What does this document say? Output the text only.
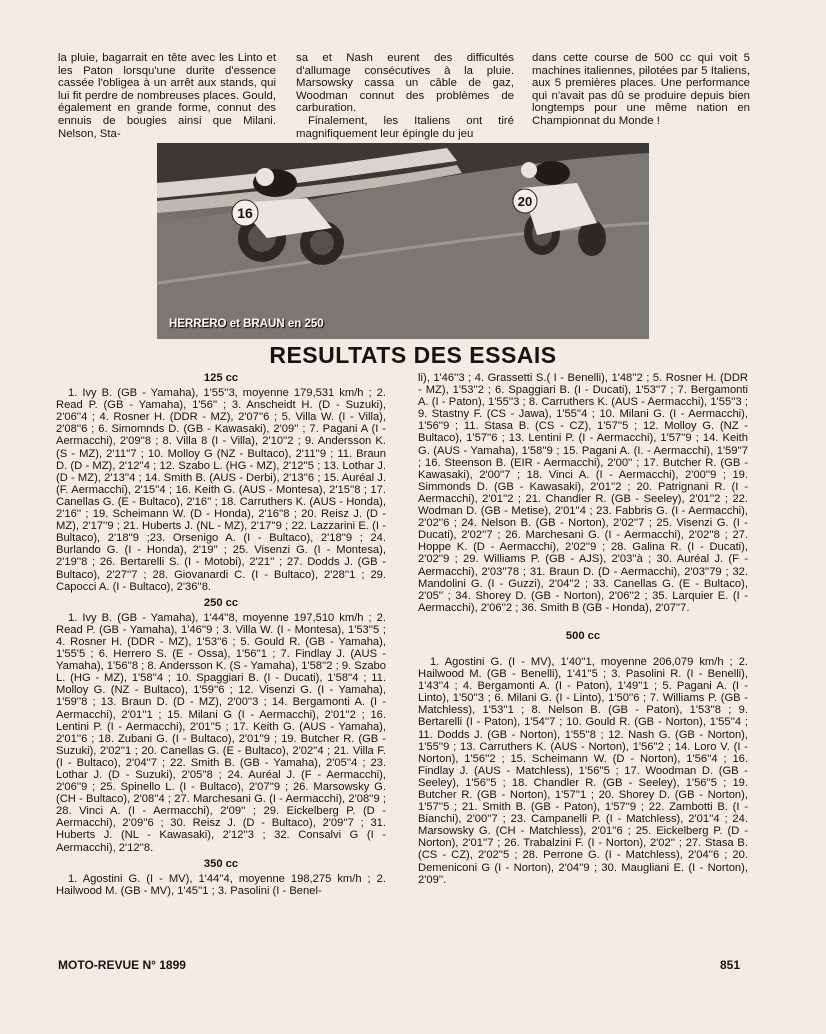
la pluie, bagarrait en tête avec les Linto et les Paton lorsqu'une durite d'essence cassée l'obligea à un arrêt aux stands, qui lui fit perdre de nombreuses places. Gould, également en grande forme, connut des ennuis de bougies ainsi que Milani. Nelson, Sta-

sa et Nash eurent des difficultés d'allumage consécutives à la pluie. Marsowsky cassa un câble de gaz, Woodman connut des problèmes de carburation.

Finalement, les Italiens ont tiré magnifiquement leur épingle du jeu

dans cette course de 500 cc qui voit 5 machines italiennes, pilotées par 5 Italiens, aux 5 premières places. Une performance qui n'avait pas dû se produire depuis bien longtemps pour une même nation en Championnat du Monde !

16
20
HERRERO et BRAUN en 250
RESULTATS DES ESSAIS
125 cc

1. Ivy B. (GB - Yamaha), 1'55''3, moyenne 179,531 km/h ; 2. Read P. (GB - Yamaha), 1'56'' ; 3. Anscheidt H. (D - Suzuki), 2'06''4 ; 4. Rosner H. (DDR - MZ), 2'07''6 ; 5. Villa W. (I - Villa), 2'08''6 ; 6. Simomnds D. (GB - Kawasaki), 2'09'' ; 7. Pagani A (I - Aermacchi), 2'09''8 ; 8. Villa 8 (I - Villa), 2'10''2 ; 9. Andersson K. (S - MZ), 2'11''7 ; 10. Molloy G (NZ - Bultaco), 2'11''9 ; 11. Braun D. (D - MZ), 2'12''4 ; 12. Szabo L. (HG - MZ), 2'12''5 ; 13. Lothar J. (D - MZ), 2'13''4 ; 14. Smith B. (AUS - Derbi), 2'13''6 ; 15. Auréal J. (F. Aermacchi), 2'15''4 ; 16. Keith G. (AUS - Montesa), 2'15''8 ; 17. Canellas G. (E - Bultaco), 2'16'' ; 18. Carruthers K. (AUS - Honda), 2'16'' ; 19. Scheimann W. (D - Honda), 2'16''8 ; 20. Reisz J. (D - MZ), 2'17''9 ; 21. Huberts J. (NL - MZ), 2'17''9 ; 22. Lazzarini E. (I - Bultaco), 2'18''9 ;23. Orsenigo A. (I - Bultaco), 2'18''9 ; 24. Burlando G. (I - Honda), 2'19'' ; 25. Visenzi G. (I - Montesa), 2'19''8 ; 26. Bertarelli S. (I - Motobi), 2'21'' ; 27. Dodds J. (GB - Bultaco), 2'27''7 ; 28. Giovanardi C. (I - Bultaco), 2'28''1 ; 29. Capocci A. (I - Bultaco), 2'36''8.

250 cc

1. Ivy B. (GB - Yamaha), 1'44''8, moyenne 197,510 km/h ; 2. Read P. (GB - Yamaha), 1'46''9 ; 3. Villa W. (I - Montesa), 1'53''5 ; 4. Rosner H. (DDR - MZ), 1'53''6 ; 5. Gould R. (GB - Yamaha), 1'55'5 ; 6. Herrero S. (E - Ossa), 1'56''1 ; 7. Findlay J. (AUS - Yamaha), 1'56''8 ; 8. Andersson K. (S - Yamaha), 1'58''2 ; 9. Szabo L. (HG - MZ), 1'58''4 ; 10. Spaggiari B. (I - Ducati), 1'58''4 ; 11. Molloy G. (NZ - Bultaco), 1'59''6 ; 12. Visenzi G. (I - Yamaha), 1'59''8 ; 13. Braun D. (D - MZ), 2'00''3 ; 14. Bergamonti A. (I - Aermacchi), 2'01''1 ; 15. Milani G (I - Aermacchi), 2'01''2 ; 16. Lentini P. (I - Aermacchi), 2'01''5 ; 17. Keith G. (AUS - Yamaha), 2'01''6 ; 18. Zubani G. (I - Bultaco), 2'01''9 ; 19. Butcher R. (GB - Suzuki), 2'02''1 ; 20. Canellas G. (E - Bultaco), 2'02''4 ; 21. Villa F. (I - Bultaco), 2'04''7 ; 22. Smith B. (GB - Yamaha), 2'05''4 ; 23. Lothar J. (D - Suzuki), 2'05''8 ; 24. Auréal J. (F - Aermacchi), 2'06''9 ; 25. Spinello L. (I - Bultaco), 2'07''9 ; 26. Marsowsky G. (CH - Bultaco), 2'08''4 ; 27. Marchesani G. (I - Aermacchi), 2'08''9 ; 28. Vinci A. (I - Aermacchi), 2'09'' ; 29. Eickelberg P. (D - Aermacchi), 2'09''6 ; 30. Reisz J. (D - Bultaco), 2'09''7 ; 31. Huberts J. (NL - Kawasaki), 2'12''3 ; 32. Consalvi G (I - Aermacchi), 2'12''8.

350 cc

1. Agostini G. (I - MV), 1'44''4, moyenne 198,275 km/h ; 2. Hailwood M. (GB - MV), 1'45''1 ; 3. Pasolini (I - Benel-

li), 1'46''3 ; 4. Grassetti S.( I - Benelli), 1'48''2 ; 5. Rosner H. (DDR - MZ), 1'53''2 ; 6. Spaggiari B. (I - Ducati), 1'53''7 ; 7. Bergamonti A. (I - Paton), 1'55''3 ; 8. Carruthers K. (AUS - Aermacchi), 1'55''3 ; 9. Stastny F. (CS - Jawa), 1'55''4 ; 10. Milani G. (I - Aermacchi), 1'56''9 ; 11. Stasa B. (CS - CZ), 1'57''5 ; 12. Molloy G. (NZ - Bultaco), 1'57''6 ; 13. Lentini P. (I - Aermacchi), 1'57''9 ; 14. Keith G. (AUS - Yamaha), 1'58''9 ; 15. Pagani A. (I. - Aermacchi), 1'59''7 ; 16. Steenson B. (EIR - Aermacchi), 2'00'' ; 17. Butcher R. (GB - Kawasaki), 2'00''7 ; 18. Vinci A. (I - Aermacchi), 2'00''9 ; 19. Simmonds D. (GB - Kawasaki), 2'01''2 ; 20. Patrignani R. (I - Aermacchi), 2'01''2 ; 21. Chandler R. (GB - Seeley), 2'01''2 ; 22. Wodman D. (GB - Metise), 2'01''4 ; 23. Fabbris G. (I - Aermacchi), 2'02''6 ; 24. Nelson B. (GB - Norton), 2'02''7 ; 25. Visenzi G. (I - Ducati), 2'02''7 ; 26. Marchesani G. (I - Aermacchi), 2'02''8 ; 27. Hoppe K. (D - Aermacchi), 2'02''9 ; 28. Galina R. (I - Ducati), 2'02''9 ; 29. Williams P. (GB - AJS), 2'03''à ; 30. Auréal J. (F - Aermacchi), 2'03''78 ; 31. Braun D. (D - Aermacchi), 2'03''79 ; 32. Mandolini G. (I - Guzzi), 2'04''2 ; 33. Canellas G. (E - Bultaco), 2'05'' ; 34. Shorey D. (GB - Norton), 2'06''2 ; 35. Larquier E. (I - Aermacchi), 2'06''2 ; 36. Smith B (GB - Honda), 2'07''7.

500 cc

1. Agostini G. (I - MV), 1'40''1, moyenne 206,079 km/h ; 2. Hailwood M. (GB - Benelli), 1'41''5 ; 3. Pasolini R. (I - Benelli), 1'43''4 ; 4. Bergamonti A. (I - Paton), 1'49''1 ; 5. Pagani A. (I - Linto), 1'50''3 ; 6. Milani G. (I - Linto), 1'50''6 ; 7. Williams P. (GB - Matchless), 1'53''1 ; 8. Nelson B. (GB - Paton), 1'53''8 ; 9. Bertarelli (I - Paton), 1'54''7 ; 10. Gould R. (GB - Norton), 1'55''4 ; 11. Dodds J. (GB - Norton), 1'55''8 ; 12. Nash G. (GB - Norton), 1'55''9 ; 13. Carruthers K. (AUS - Norton), 1'56''2 ; 14. Loro V. (I - Norton), 1'56''2 ; 15. Scheimann W. (D - Norton), 1'56''4 ; 16. Findlay J. (AUS - Matchless), 1'56''5 ; 17. Woodman D. (GB - Seeley), 1'56''5 ; 18. Chandler R. (GB - Seeley), 1'56''5 ; 19. Butcher R. (GB - Norton), 1'57''1 ; 20. Shorey D. (GB - Norton), 1'57''5 ; 21. Smith B. (GB - Paton), 1'57''9 ; 22. Zambotti B. (I - Bianchi), 2'00''7 ; 23. Campanelli P. (I - Matchless), 2'01''4 ; 24. Marsowsky G. (CH - Matchless), 2'01''6 ; 25. Eickelberg P. (D - Norton), 2'01''7 ; 26. Trabalzini F. (I - Norton), 2'02'' ; 27. Stasa B. (CS - CZ), 2'02''5 ; 28. Perrone G. (I - Matchless), 2'04''6 ; 20. Demeniconi G (I - Norton), 2'04''9 ; 30. Maugliani E. (I - Norton), 2'09''.

MOTO-REVUE N° 1899	851
